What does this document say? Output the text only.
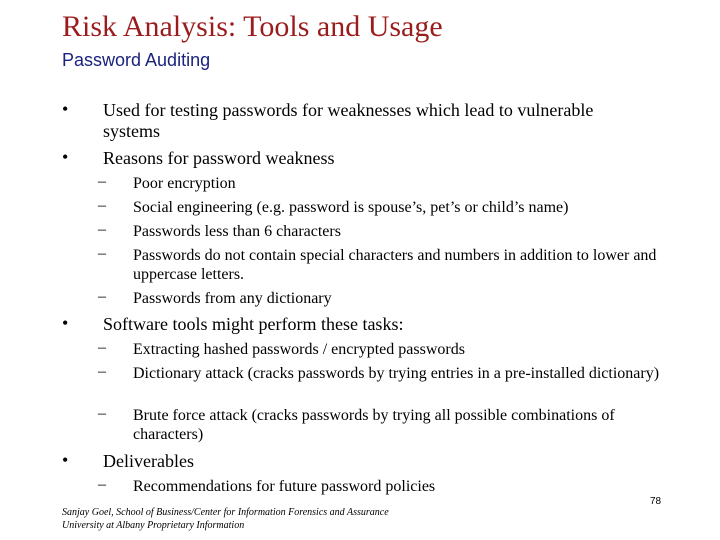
Risk Analysis: Tools and Usage
Password Auditing
• Used for testing passwords for weaknesses which lead to vulnerable systems
• Reasons for password weakness
– Poor encryption
– Social engineering (e.g. password is spouse’s, pet’s or child’s name)
– Passwords less than 6 characters
– Passwords do not contain special characters and numbers in addition to lower and uppercase letters.
– Passwords from any dictionary
• Software tools might perform these tasks:
– Extracting hashed passwords / encrypted passwords
– Dictionary attack (cracks passwords by trying entries in a pre-installed dictionary)
– Brute force attack (cracks passwords by trying all possible combinations of characters)
• Deliverables
– Recommendations for future password policies
78
Sanjay Goel, School of Business/Center for Information Forensics and Assurance
University at Albany Proprietary Information
